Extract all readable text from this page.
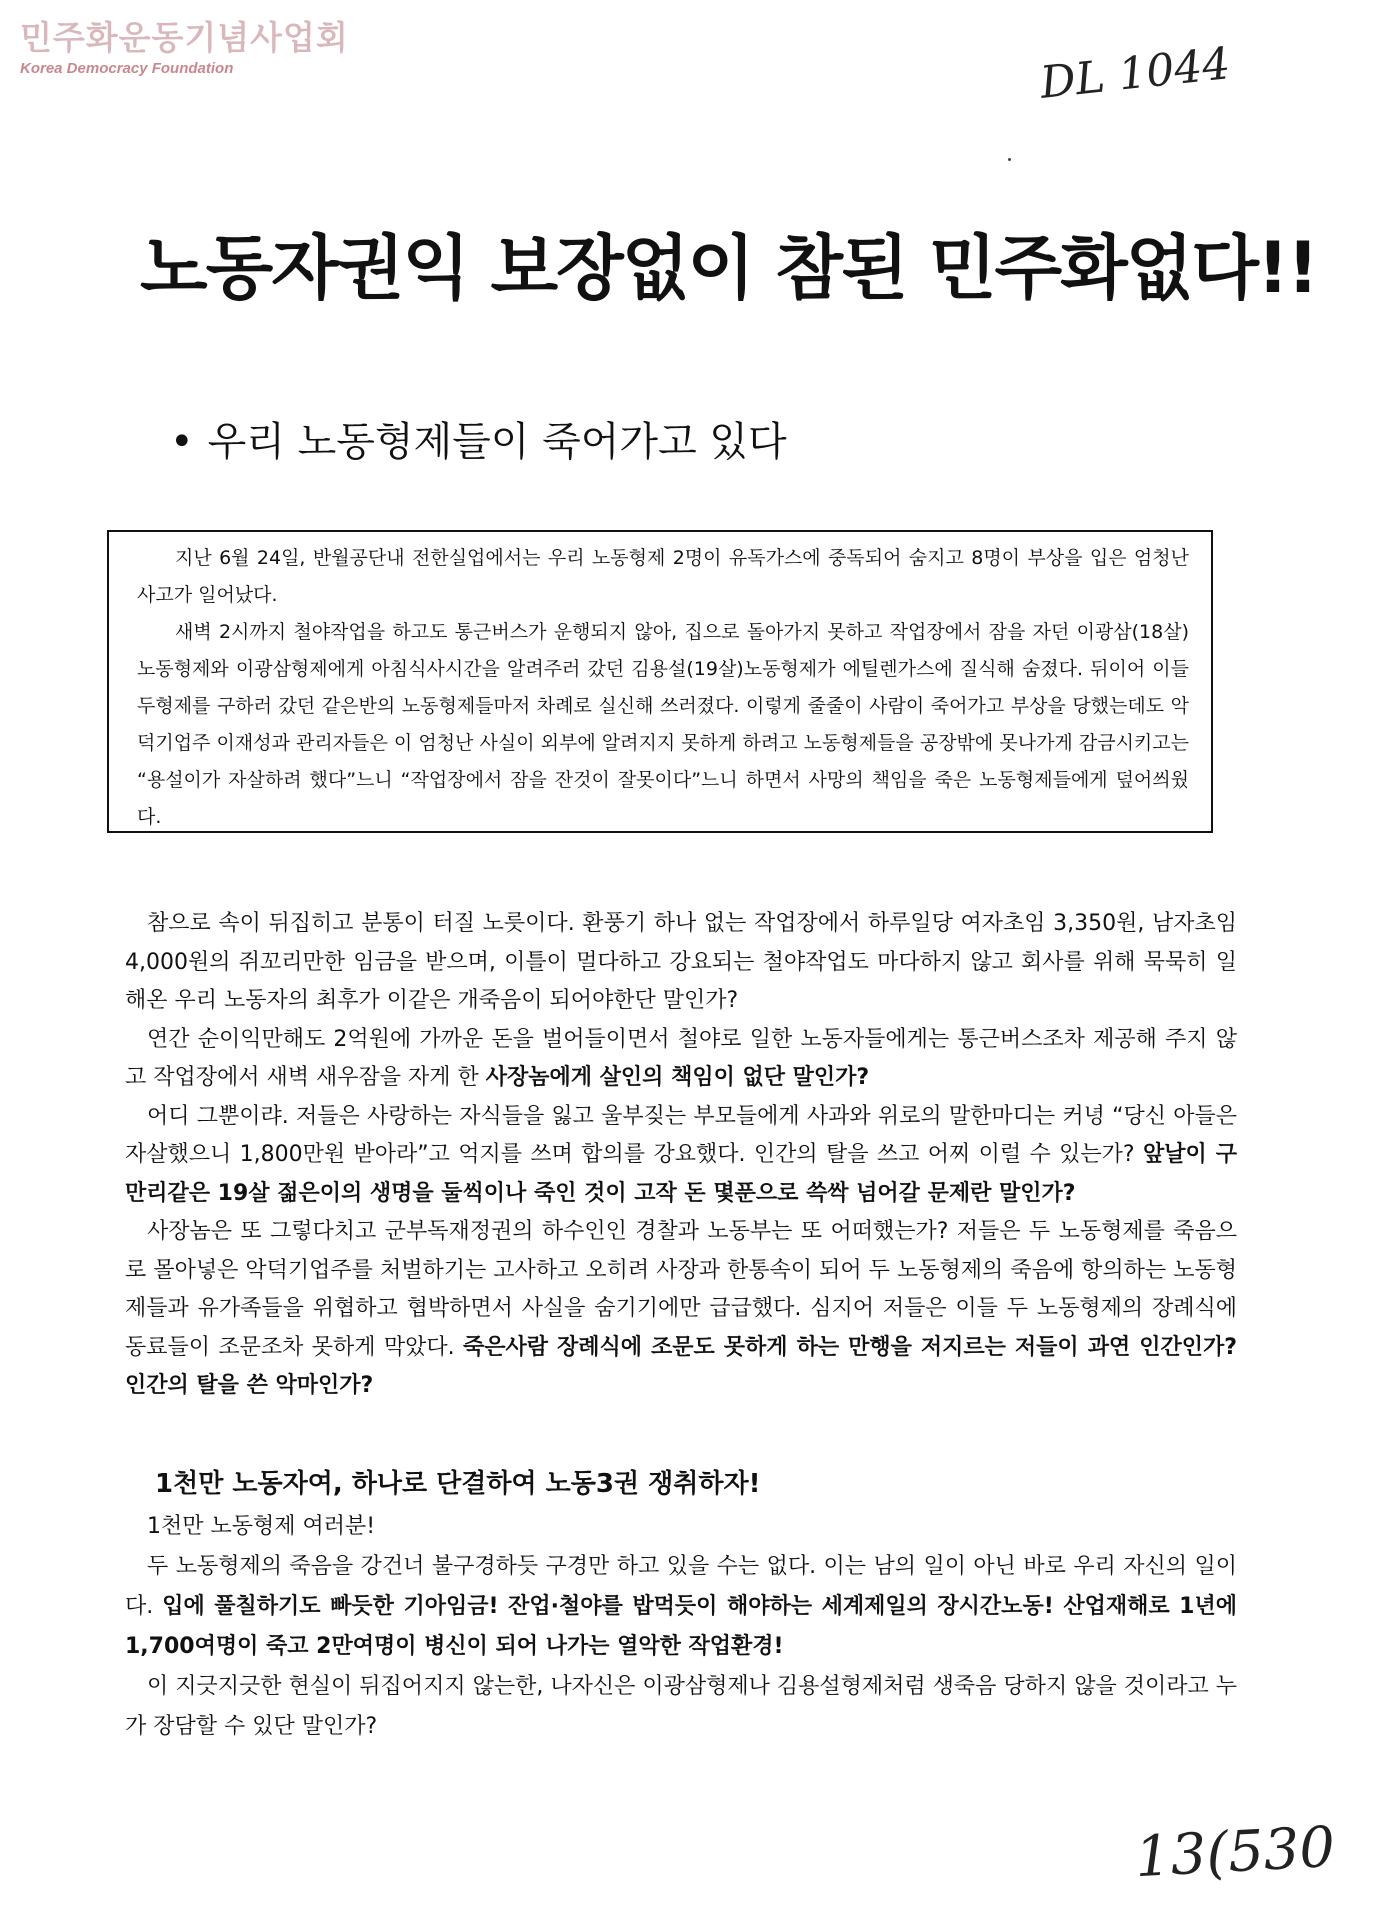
민주화운동기념사업회
Korea Democracy Foundation	DL 1044
노동자권익 보장없이 참된 민주화없다!!
• 우리 노동형제들이 죽어가고 있다

지난 6월 24일, 반월공단내 전한실업에서는 우리 노동형제 2명이 유독가스에 중독되어 숨지고 8명이 부상을 입은 엄청난 사고가 일어났다.

새벽 2시까지 철야작업을 하고도 통근버스가 운행되지 않아, 집으로 돌아가지 못하고 작업장에서 잠을 자던 이광삼(18살)노동형제와 이광삼형제에게 아침식사시간을 알려주러 갔던 김용설(19살)노동형제가 에틸렌가스에 질식해 숨졌다. 뒤이어 이들 두형제를 구하러 갔던 같은반의 노동형제들마저 차례로 실신해 쓰러졌다. 이렇게 줄줄이 사람이 죽어가고 부상을 당했는데도 악덕기업주 이재성과 관리자들은 이 엄청난 사실이 외부에 알려지지 못하게 하려고 노동형제들을 공장밖에 못나가게 감금시키고는 “용설이가 자살하려 했다”느니 “작업장에서 잠을 잔것이 잘못이다”느니 하면서 사망의 책임을 죽은 노동형제들에게 덮어씌웠다.

참으로 속이 뒤집히고 분통이 터질 노릇이다. 환풍기 하나 없는 작업장에서 하루일당 여자초임 3,350원, 남자초임 4,000원의 쥐꼬리만한 임금을 받으며, 이틀이 멀다하고 강요되는 철야작업도 마다하지 않고 회사를 위해 묵묵히 일해온 우리 노동자의 최후가 이같은 개죽음이 되어야한단 말인가?

연간 순이익만해도 2억원에 가까운 돈을 벌어들이면서 철야로 일한 노동자들에게는 통근버스조차 제공해 주지 않고 작업장에서 새벽 새우잠을 자게 한 사장놈에게 살인의 책임이 없단 말인가?

어디 그뿐이랴. 저들은 사랑하는 자식들을 잃고 울부짖는 부모들에게 사과와 위로의 말한마디는 커녕 “당신 아들은 자살했으니 1,800만원 받아라”고 억지를 쓰며 합의를 강요했다. 인간의 탈을 쓰고 어찌 이럴 수 있는가? 앞날이 구만리같은 19살 젊은이의 생명을 둘씩이나 죽인 것이 고작 돈 몇푼으로 쓱싹 넘어갈 문제란 말인가?

사장놈은 또 그렇다치고 군부독재정권의 하수인인 경찰과 노동부는 또 어떠했는가? 저들은 두 노동형제를 죽음으로 몰아넣은 악덕기업주를 처벌하기는 고사하고 오히려 사장과 한통속이 되어 두 노동형제의 죽음에 항의하는 노동형제들과 유가족들을 위협하고 협박하면서 사실을 숨기기에만 급급했다. 심지어 저들은 이들 두 노동형제의 장례식에 동료들이 조문조차 못하게 막았다. 죽은사람 장례식에 조문도 못하게 하는 만행을 저지르는 저들이 과연 인간인가? 인간의 탈을 쓴 악마인가?

1천만 노동자여, 하나로 단결하여 노동3권 쟁취하자!

1천만 노동형제 여러분!

두 노동형제의 죽음을 강건너 불구경하듯 구경만 하고 있을 수는 없다. 이는 남의 일이 아닌 바로 우리 자신의 일이다. 입에 풀칠하기도 빠듯한 기아임금! 잔업·철야를 밥먹듯이 해야하는 세계제일의 장시간노동! 산업재해로 1년에 1,700여명이 죽고 2만여명이 병신이 되어 나가는 열악한 작업환경!

이 지긋지긋한 현실이 뒤집어지지 않는한, 나자신은 이광삼형제나 김용설형제처럼 생죽음 당하지 않을 것이라고 누가 장담할 수 있단 말인가?

13(530
